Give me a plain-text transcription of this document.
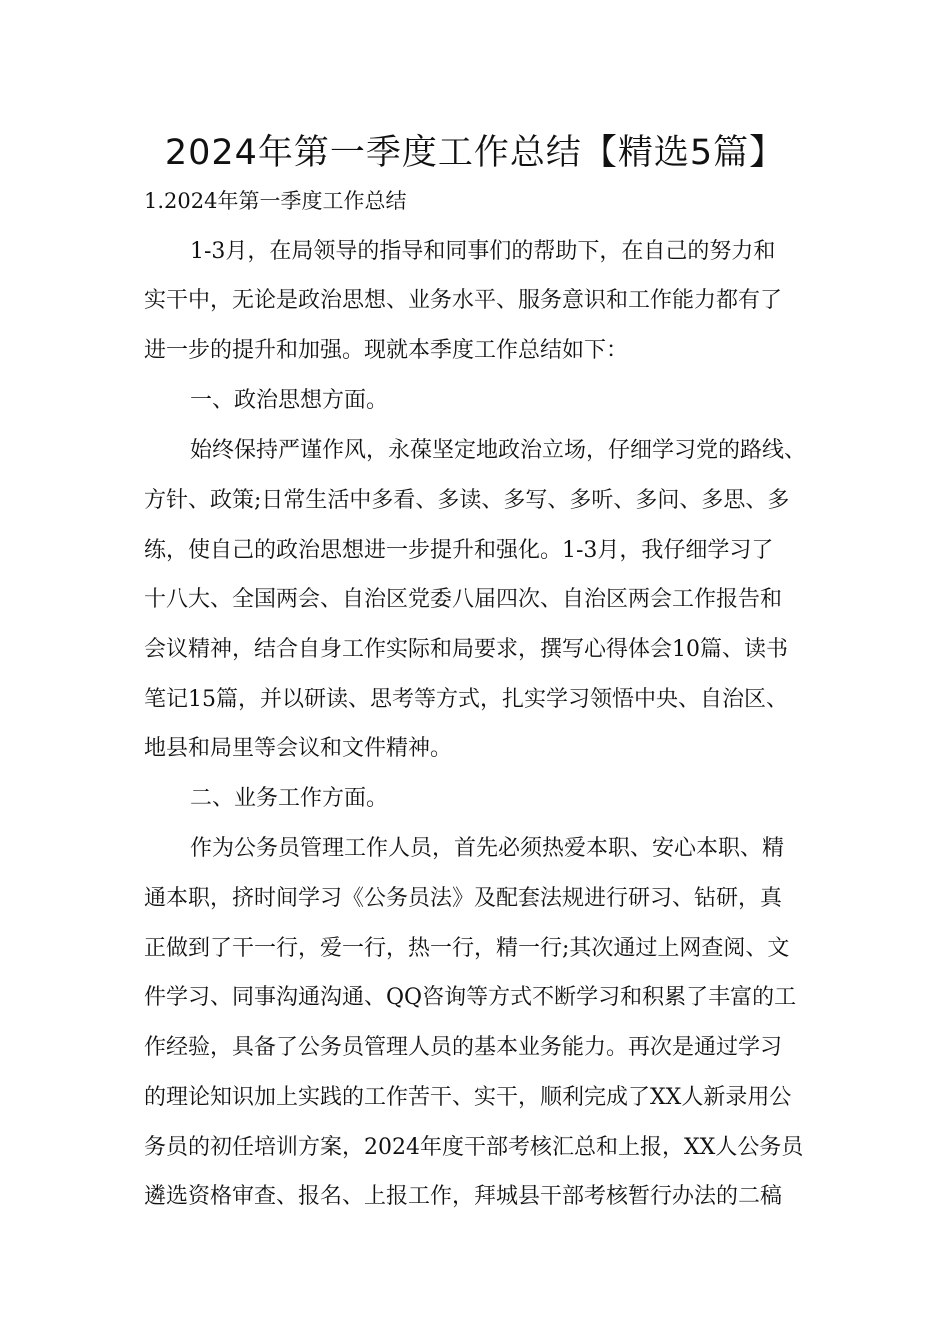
2024年第一季度工作总结【精选5篇】

1.2024年第一季度工作总结

1-3月，在局领导的指导和同事们的帮助下，在自己的努力和

实干中，无论是政治思想、业务水平、服务意识和工作能力都有了

进一步的提升和加强。现就本季度工作总结如下：

一、政治思想方面。

始终保持严谨作风，永葆坚定地政治立场，仔细学习党的路线、

方针、政策;日常生活中多看、多读、多写、多听、多问、多思、多

练，使自己的政治思想进一步提升和强化。1-3月，我仔细学习了

十八大、全国两会、自治区党委八届四次、自治区两会工作报告和

会议精神，结合自身工作实际和局要求，撰写心得体会10篇、读书

笔记15篇，并以研读、思考等方式，扎实学习领悟中央、自治区、

地县和局里等会议和文件精神。

二、业务工作方面。

作为公务员管理工作人员，首先必须热爱本职、安心本职、精

通本职，挤时间学习《公务员法》及配套法规进行研习、钻研，真

正做到了干一行，爱一行，热一行，精一行;其次通过上网查阅、文

件学习、同事沟通沟通、QQ咨询等方式不断学习和积累了丰富的工

作经验，具备了公务员管理人员的基本业务能力。再次是通过学习

的理论知识加上实践的工作苦干、实干，顺利完成了XX人新录用公

务员的初任培训方案，2024年度干部考核汇总和上报，XX人公务员

遴选资格审查、报名、上报工作，拜城县干部考核暂行办法的二稿
